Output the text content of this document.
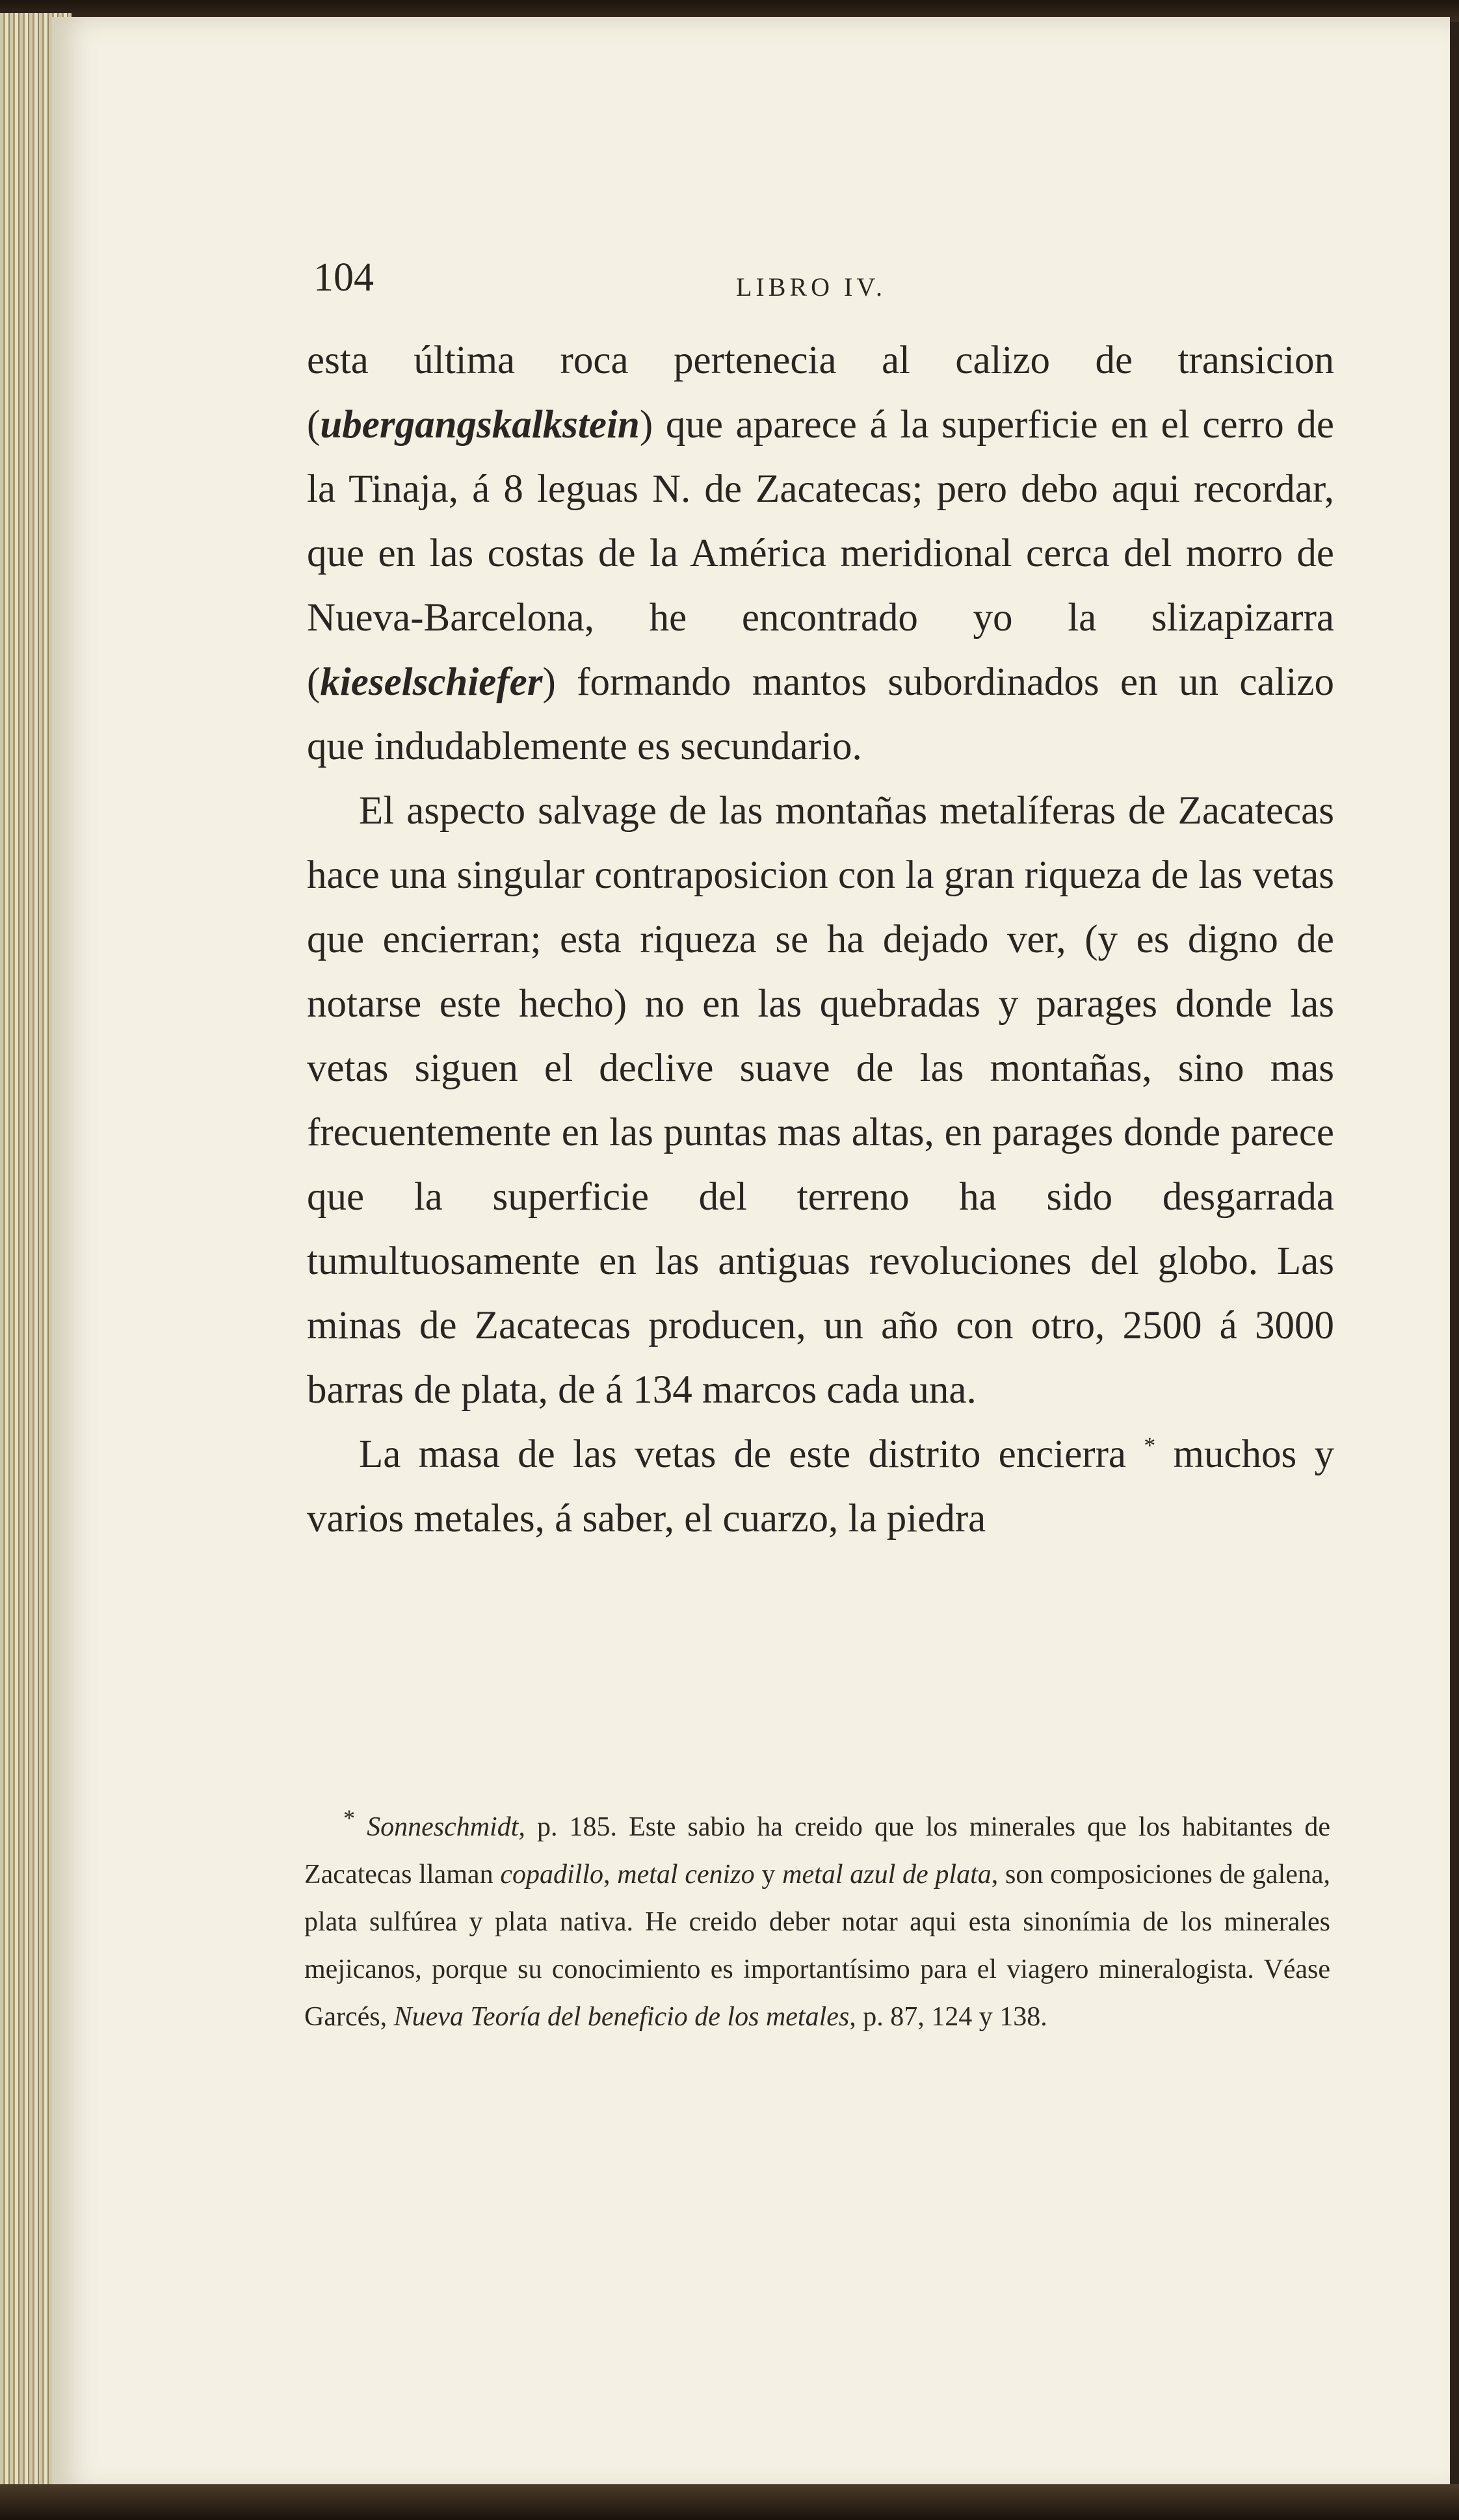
104	LIBRO IV.

esta última roca pertenecia al calizo de transicion (ubergangskalkstein) que aparece á la superficie en el cerro de la Tinaja, á 8 leguas N. de Zacatecas; pero debo aqui recordar, que en las costas de la América meridional cerca del morro de Nueva-Barcelona, he encontrado yo la slizapizarra (kieselschiefer) formando mantos subordinados en un calizo que indudablemente es secundario.

El aspecto salvage de las montañas metalíferas de Zacatecas hace una singular contraposicion con la gran riqueza de las vetas que encierran; esta riqueza se ha dejado ver, (y es digno de notarse este hecho) no en las quebradas y parages donde las vetas siguen el declive suave de las montañas, sino mas frecuentemente en las puntas mas altas, en parages donde parece que la superficie del terreno ha sido desgarrada tumultuosamente en las antiguas revoluciones del globo. Las minas de Zacatecas producen, un año con otro, 2500 á 3000 barras de plata, de á 134 marcos cada una.

La masa de las vetas de este distrito encierra * muchos y varios metales, á saber, el cuarzo, la piedra

* Sonneschmidt, p. 185. Este sabio ha creido que los minerales que los habitantes de Zacatecas llaman copadillo, metal cenizo y metal azul de plata, son composiciones de galena, plata sulfúrea y plata nativa. He creido deber notar aqui esta sinonímia de los minerales mejicanos, porque su conocimiento es importantísimo para el viagero mineralogista. Véase Garcés, Nueva Teoría del beneficio de los metales, p. 87, 124 y 138.
